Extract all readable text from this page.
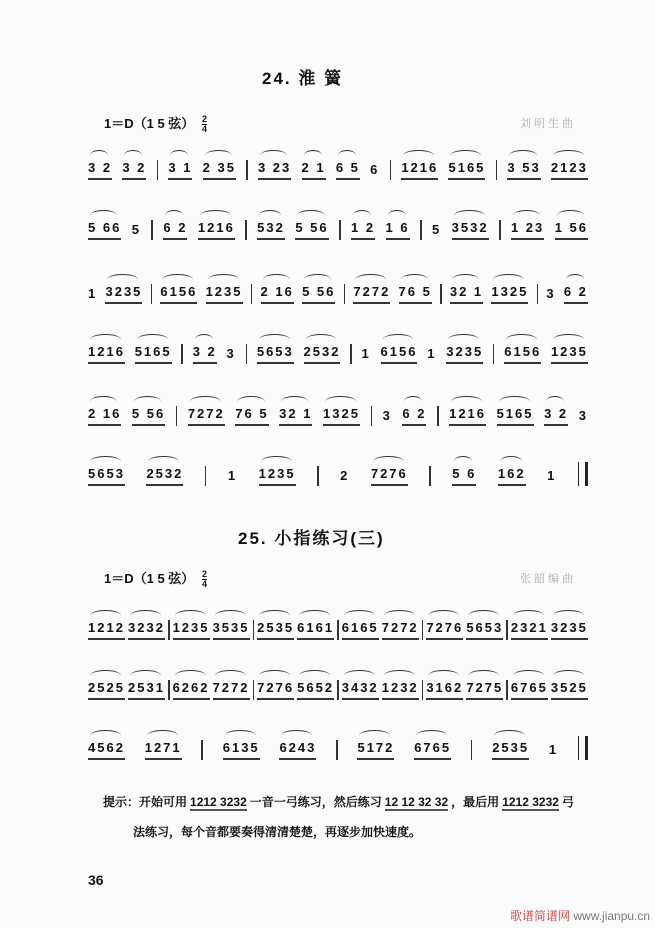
24. 淮 簧
1＝D（1 5 弦） $\frac{2}{4}$	刘明生曲
3 2 3 2 3 1 2 35 3 23 2 1 6 5 6 1216 5165 3 53 2123
5 66 5 6 2 1216 532 5 56 1 2 1 6 5 3532 1 23 1 56
1 3235 6156 1235 2 16 5 56 7272 76 5 32 1 1325 3 6 2
1216 5165 3 2 3 5653 2532 1 6156 1 3235 6156 1235
2 16 5 56 7272 76 5 32 1 1325 3 6 2 1216 5165 3 2 3
5653 2532	1 1235	2 7276	5 6 162 1
25. 小指练习(三)
1＝D（1 5 弦） $\frac{2}{4}$	张韶编曲
1212 3232 1235 3535 2535 6161 6165 7272 7276 5653 2321 3235
2525 2531 6262 7272 7276 5652 3432 1232 3162 7275 6765 3525
4562 1271	6135 6243	5172 6765	2535 1
提示：开始可用 1212 3232 一音一弓练习，然后练习 12 12 32 32 ，最后用 1212 3232 弓
法练习，每个音都要奏得清清楚楚，再逐步加快速度。
36
歌谱简谱网 www.jianpu.cn
